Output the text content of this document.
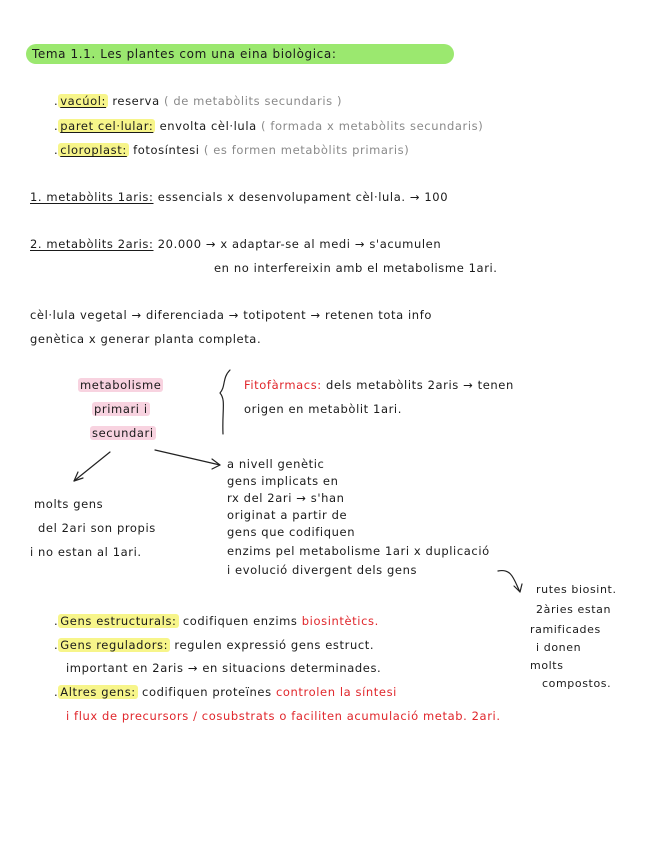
Tema 1.1. Les plantes com una eina biològica:
. vacúol: reserva ( de metabòlits secundaris )
. paret cel·lular: envolta cèl·lula ( formada x metabòlits secundaris)
. cloroplast: fotosíntesi ( es formen metabòlits primaris)
1. metabòlits 1aris: essencials x desenvolupament cèl·lula. → 100
2. metabòlits 2aris: 20.000 → x adaptar-se al medi → s'acumulen
en no interfereixin amb el metabolisme 1ari.
cèl·lula vegetal → diferenciada → totipotent → retenen tota info
genètica x generar planta completa.
metabolisme
primari i
secundari
Fitofàrmacs: dels metabòlits 2aris → tenen
origen en metabòlit 1ari.
molts gens
del 2ari son propis
i no estan al 1ari.
a nivell genètic
gens implicats en
rx del 2ari → s'han
originat a partir de
gens que codifiquen
enzims pel metabolisme 1ari x duplicació
i evolució divergent dels gens
rutes biosint.
2àries estan
ramificades
i donen
molts
compostos.
. Gens estructurals: codifiquen enzims biosintètics.
. Gens reguladors: regulen expressió gens estruct.
important en 2aris → en situacions determinades.
. Altres gens: codifiquen proteïnes controlen la síntesi
i flux de precursors / cosubstrats o faciliten acumulació metab. 2ari.
